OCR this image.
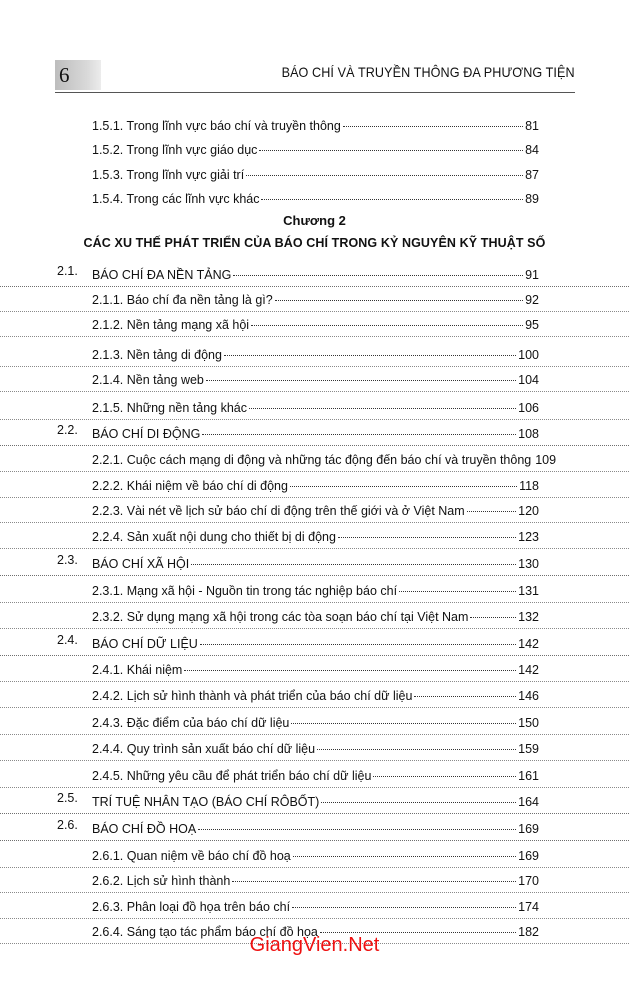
6	BÁO CHÍ VÀ TRUYỀN THÔNG ĐA PHƯƠNG TIỆN
1.5.1. Trong lĩnh vực báo chí và truyền thông	81
1.5.2. Trong lĩnh vực giáo dục	84
1.5.3. Trong lĩnh vực giải trí	87
1.5.4. Trong các lĩnh vực khác	89
Chương 2
CÁC XU THẾ PHÁT TRIỂN CỦA BÁO CHÍ TRONG KỶ NGUYÊN KỸ THUẬT SỐ
2.1. BÁO CHÍ ĐA NỀN TẢNG	91
2.1.1. Báo chí đa nền tảng là gì?	92
2.1.2. Nền tảng mạng xã hội	95
2.1.3. Nền tảng di động	100
2.1.4. Nền tảng web	104
2.1.5. Những nền tảng khác	106
2.2. BÁO CHÍ DI ĐỘNG	108
2.2.1. Cuộc cách mạng di động và những tác động đến báo chí và truyền thông 109
2.2.2. Khái niệm về báo chí di động	118
2.2.3. Vài nét về lịch sử báo chí di động trên thế giới và ở Việt Nam	120
2.2.4. Sản xuất nội dung cho thiết bị di động	123
2.3. BÁO CHÍ XÃ HỘI	130
2.3.1. Mạng xã hội - Nguồn tin trong tác nghiệp báo chí	131
2.3.2. Sử dụng mạng xã hội trong các tòa soạn báo chí tại Việt Nam	132
2.4. BÁO CHÍ DỮ LIỆU	142
2.4.1. Khái niệm	142
2.4.2. Lịch sử hình thành và phát triển của báo chí dữ liệu	146
2.4.3. Đặc điểm của báo chí dữ liệu	150
2.4.4. Quy trình sản xuất báo chí dữ liệu	159
2.4.5. Những yêu cầu để phát triển báo chí dữ liệu	161
2.5. TRÍ TUỆ NHÂN TẠO (BÁO CHÍ RÔBỐT)	164
2.6. BÁO CHÍ ĐỒ HOẠ	169
2.6.1. Quan niệm về báo chí đồ hoạ	169
2.6.2. Lịch sử hình thành	170
2.6.3. Phân loại đồ họa trên báo chí	174
2.6.4. Sáng tạo tác phẩm báo chí đồ họa	182
GiangVien.Net
